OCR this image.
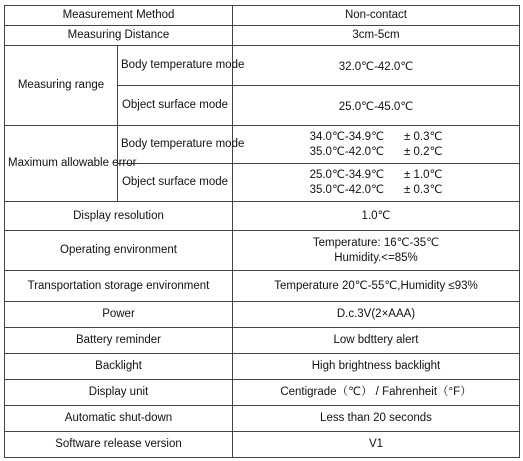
Measurement Method		Non-contact
Measuring Distance		3cm-5cm
Measuring range	Body temperature mode	32.0℃-42.0℃
	Object surface mode	25.0℃-45.0℃
Maximum allowable error	Body temperature mode	34.0℃-34.9℃ ± 0.3℃
35.0℃-42.0℃ ± 0.2℃

	Object surface mode	25.0℃-34.9℃ ± 1.0℃
35.0℃-42.0℃ ± 0.3℃

Display resolution		1.0℃
Operating environment		Temperature: 16℃-35℃
Humidity.<=85%

Transportation storage environment		Temperature 20℃-55℃,Humidity ≤93%
Power		D.c.3V(2×AAA)
Battery reminder		Low bdttery alert
Backlight		High brightness backlight
Display unit		Centigrade（℃） / Fahrenheit（°F）
Automatic shut-down		Less than 20 seconds
Software release version		V1
